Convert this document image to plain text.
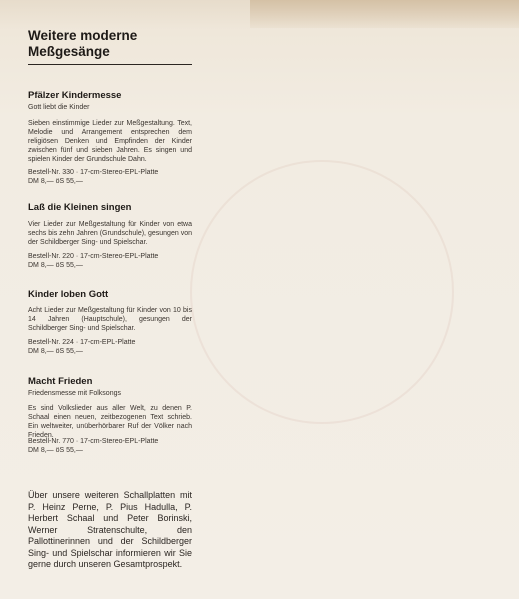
Weitere moderne
Meßgesänge
Pfälzer Kindermesse
Gott liebt die Kinder
Sieben einstimmige Lieder zur Meßgestaltung. Text, Melodie und Arrangement entsprechen dem religiösen Denken und Empfinden der Kinder zwischen fünf und sieben Jahren. Es singen und spielen Kinder der Grundschule Dahn.
Bestell-Nr. 330 · 17-cm-Stereo-EPL-Platte
DM 8,— öS 55,—
Laß die Kleinen singen
Vier Lieder zur Meßgestaltung für Kinder von etwa sechs bis zehn Jahren (Grundschule), gesungen von der Schildberger Sing- und Spielschar.
Bestell-Nr. 220 · 17-cm-Stereo-EPL-Platte
DM 8,— öS 55,—
Kinder loben Gott
Acht Lieder zur Meßgestaltung für Kinder von 10 bis 14 Jahren (Hauptschule), gesungen der Schildberger Sing- und Spielschar.
Bestell-Nr. 224 · 17-cm-EPL-Platte
DM 8,— öS 55,—
Macht Frieden
Friedensmesse mit Folksongs
Es sind Volkslieder aus aller Welt, zu denen P. Schaal einen neuen, zeitbezogenen Text schrieb. Ein weltweiter, unüberhörbarer Ruf der Völker nach Frieden.
Bestell-Nr. 770 · 17-cm-Stereo-EPL-Platte
DM 8,— öS 55,—
Über unsere weiteren Schallplatten mit P. Heinz Perne, P. Pius Hadulla, P. Herbert Schaal und Peter Borinski, Werner Stratenschulte, den Pallottinerinnen und der Schildberger Sing- und Spielschar informieren wir Sie gerne durch unseren Gesamtprospekt.
